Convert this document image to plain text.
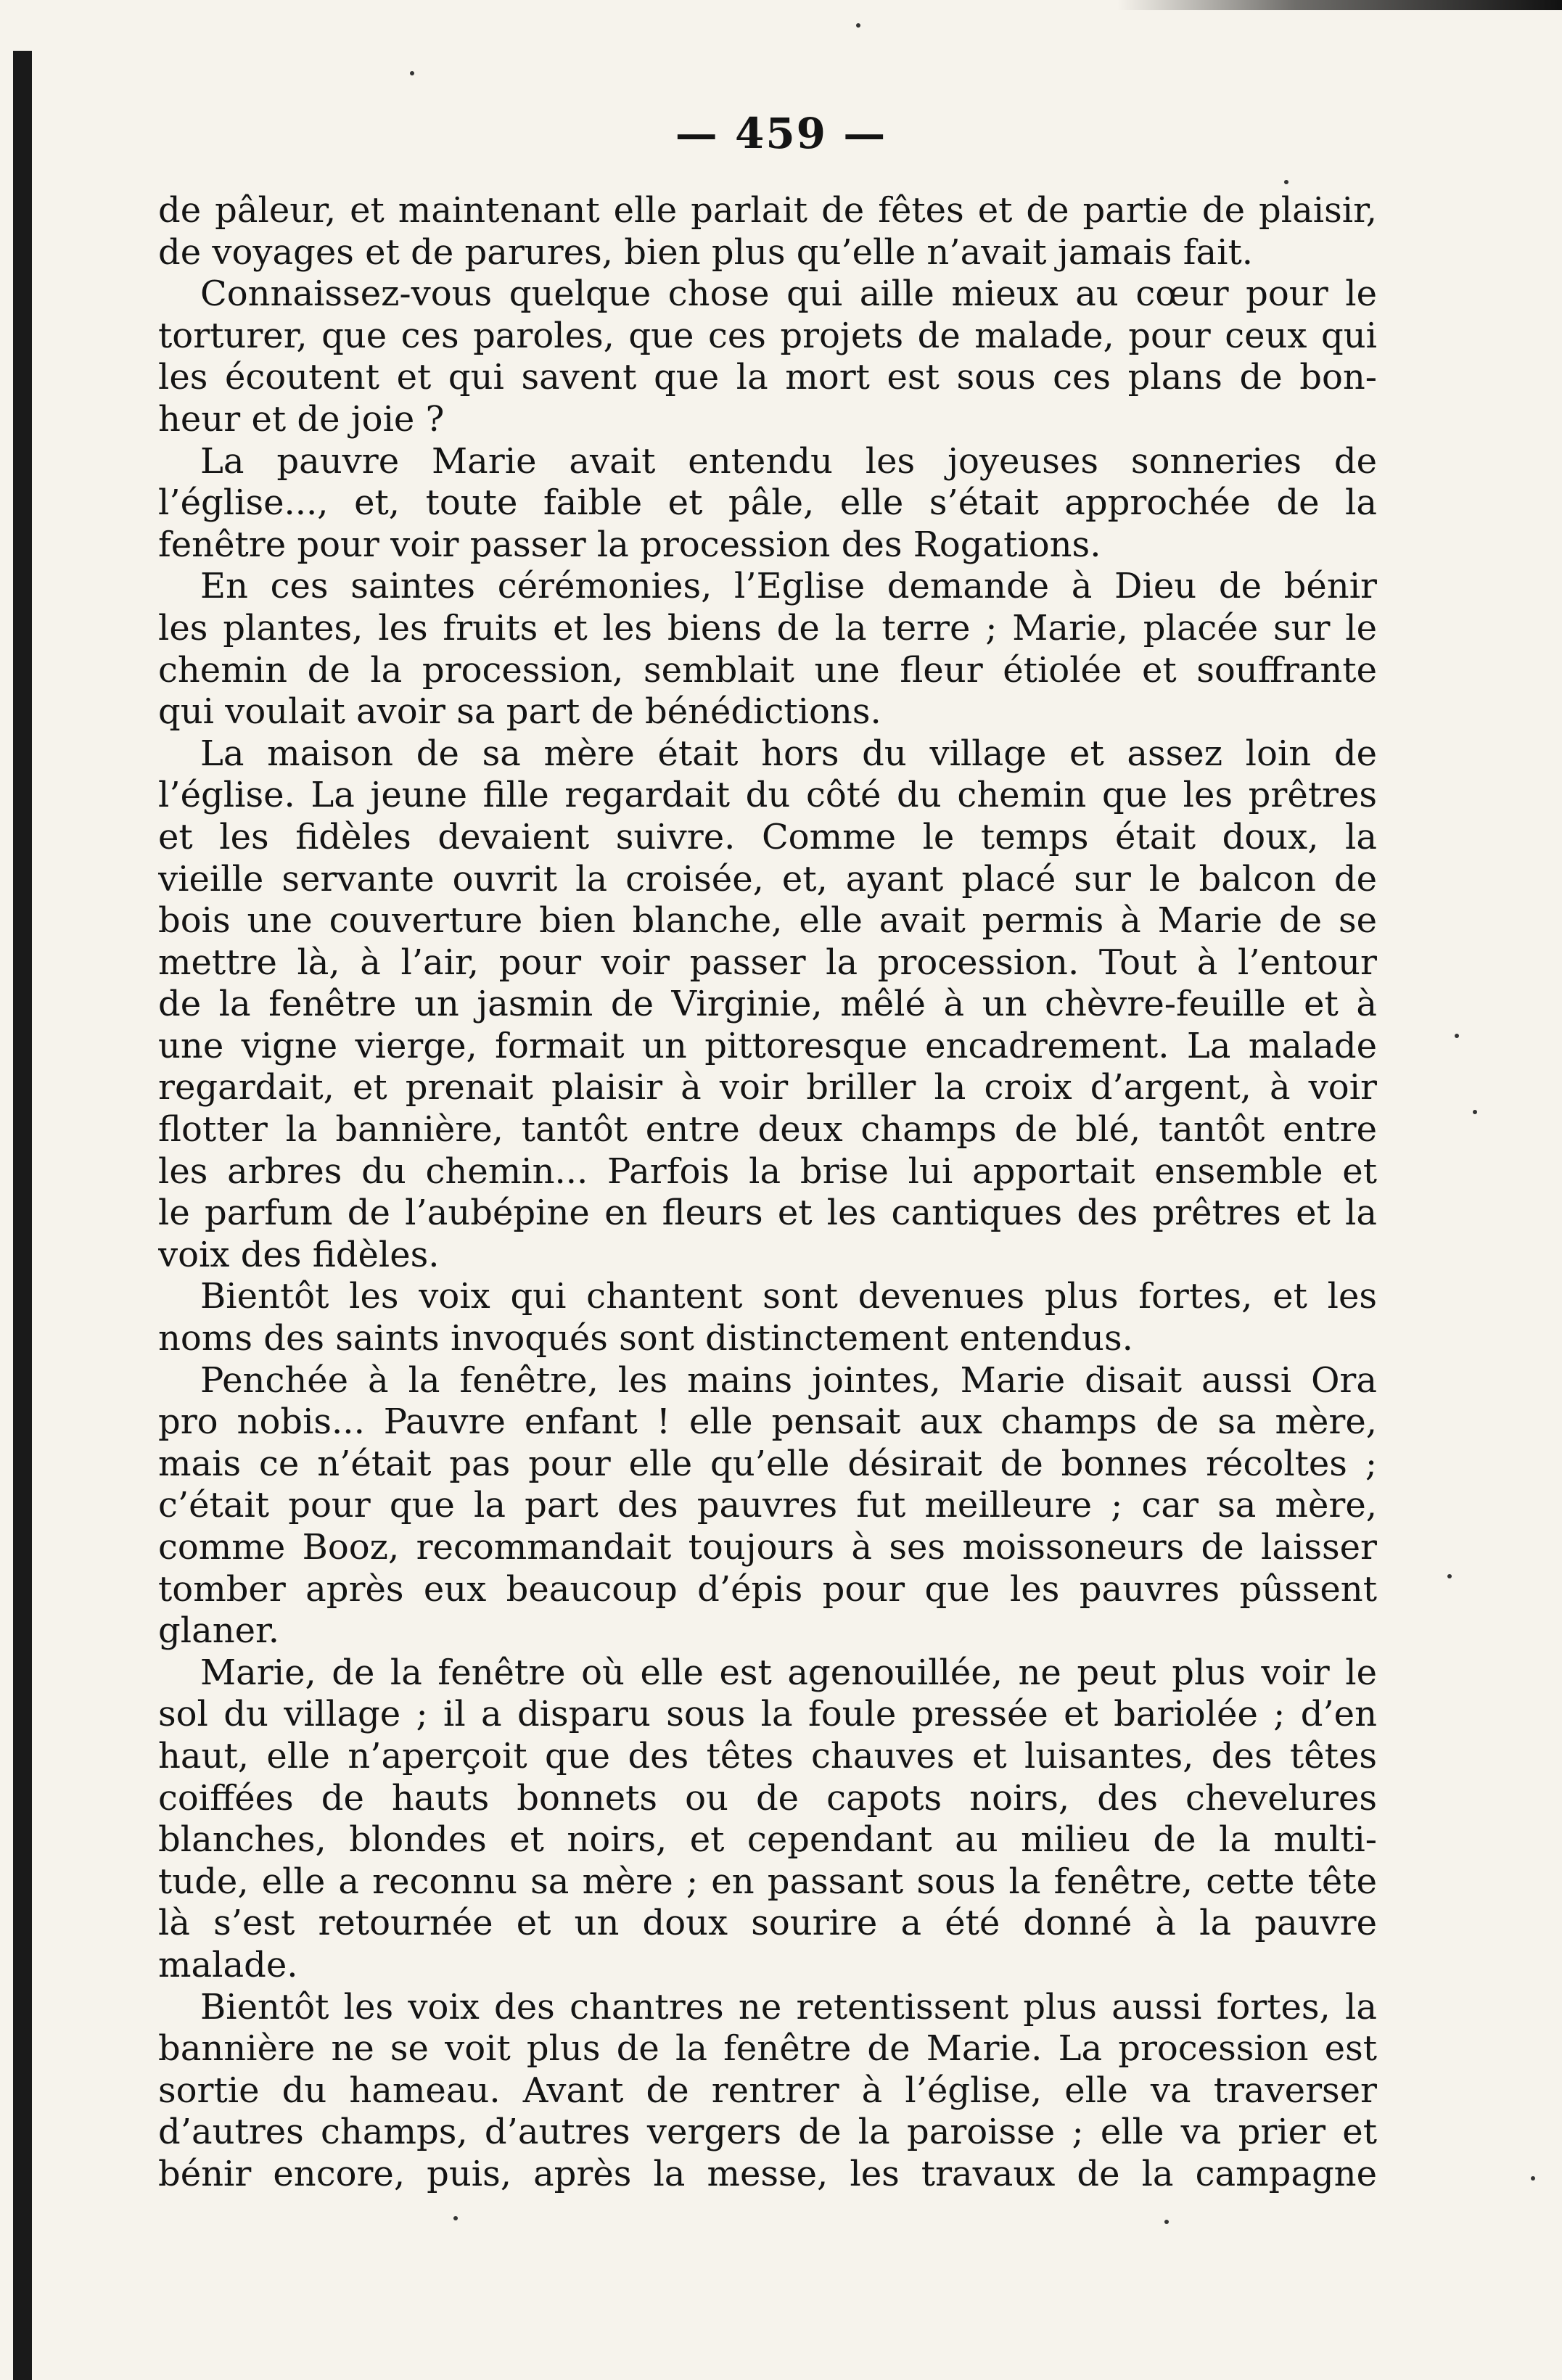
— 459 —
de pâleur, et maintenant elle parlait de fêtes et de partie de plaisir,
de voyages et de parures, bien plus qu’elle n’avait jamais fait.
Connaissez-vous quelque chose qui aille mieux au cœur pour le
torturer, que ces paroles, que ces projets de malade, pour ceux qui
les écoutent et qui savent que la mort est sous ces plans de bon-
heur et de joie ?
La pauvre Marie avait entendu les joyeuses sonneries de
l’église..., et, toute faible et pâle, elle s’était approchée de la
fenêtre pour voir passer la procession des Rogations.
En ces saintes cérémonies, l’Eglise demande à Dieu de bénir
les plantes, les fruits et les biens de la terre ; Marie, placée sur le
chemin de la procession, semblait une fleur étiolée et souffrante
qui voulait avoir sa part de bénédictions.
La maison de sa mère était hors du village et assez loin de
l’église. La jeune fille regardait du côté du chemin que les prêtres
et les fidèles devaient suivre. Comme le temps était doux, la
vieille servante ouvrit la croisée, et, ayant placé sur le balcon de
bois une couverture bien blanche, elle avait permis à Marie de se
mettre là, à l’air, pour voir passer la procession. Tout à l’entour
de la fenêtre un jasmin de Virginie, mêlé à un chèvre-feuille et à
une vigne vierge, formait un pittoresque encadrement. La malade
regardait, et prenait plaisir à voir briller la croix d’argent, à voir
flotter la bannière, tantôt entre deux champs de blé, tantôt entre
les arbres du chemin... Parfois la brise lui apportait ensemble et
le parfum de l’aubépine en fleurs et les cantiques des prêtres et la
voix des fidèles.
Bientôt les voix qui chantent sont devenues plus fortes, et les
noms des saints invoqués sont distinctement entendus.
Penchée à la fenêtre, les mains jointes, Marie disait aussi Ora
pro nobis... Pauvre enfant ! elle pensait aux champs de sa mère,
mais ce n’était pas pour elle qu’elle désirait de bonnes récoltes ;
c’était pour que la part des pauvres fut meilleure ; car sa mère,
comme Booz, recommandait toujours à ses moissoneurs de laisser
tomber après eux beaucoup d’épis pour que les pauvres pûssent
glaner.
Marie, de la fenêtre où elle est agenouillée, ne peut plus voir le
sol du village ; il a disparu sous la foule pressée et bariolée ; d’en
haut, elle n’aperçoit que des têtes chauves et luisantes, des têtes
coiffées de hauts bonnets ou de capots noirs, des chevelures
blanches, blondes et noirs, et cependant au milieu de la multi-
tude, elle a reconnu sa mère ; en passant sous la fenêtre, cette tête
là s’est retournée et un doux sourire a été donné à la pauvre
malade.
Bientôt les voix des chantres ne retentissent plus aussi fortes, la
bannière ne se voit plus de la fenêtre de Marie. La procession est
sortie du hameau. Avant de rentrer à l’église, elle va traverser
d’autres champs, d’autres vergers de la paroisse ; elle va prier et
bénir encore, puis, après la messe, les travaux de la campagne
